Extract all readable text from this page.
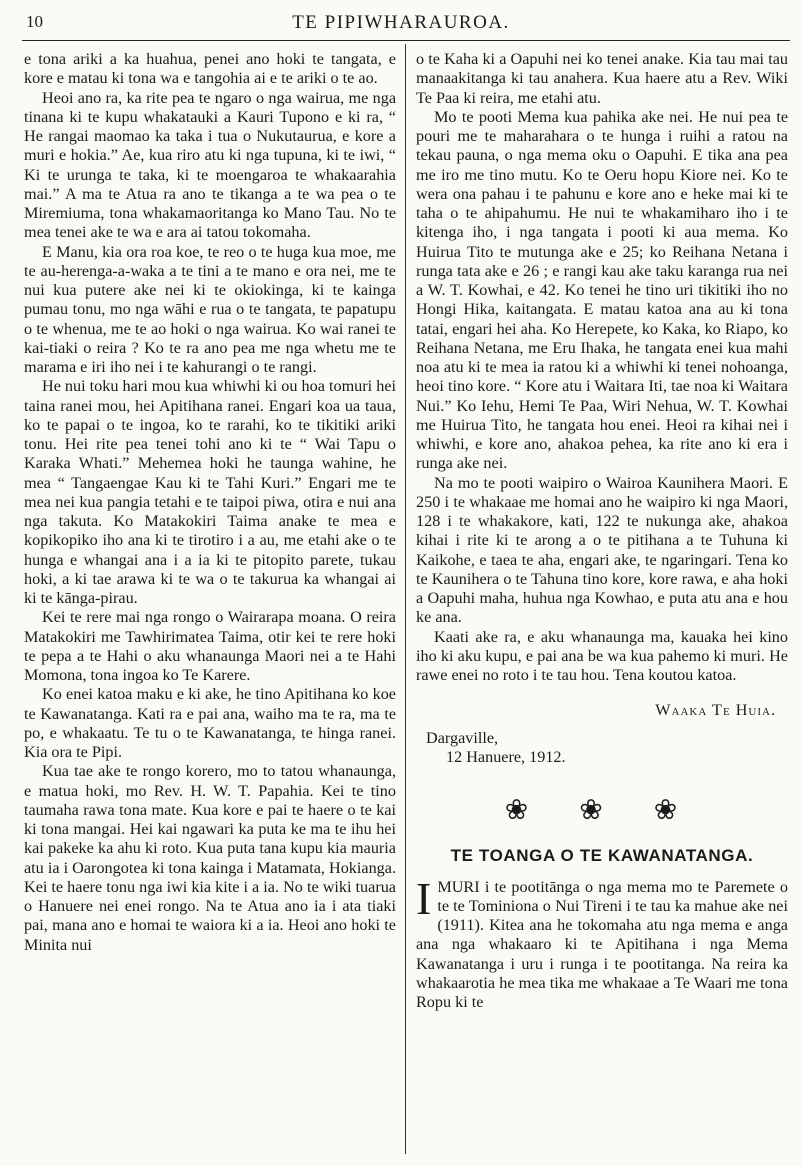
10	TE PIPIWHARAUROA.

e tona ariki a ka huahua, penei ano hoki te tangata, e kore e matau ki tona wa e tangohia ai e te ariki o te ao.

Heoi ano ra, ka rite pea te ngaro o nga wairua, me nga tinana ki te kupu whakatauki a Kauri Tupono e ki ra, “ He rangai maomao ka taka i tua o Nukutaurua, e kore a muri e hokia.” Ae, kua riro atu ki nga tupuna, ki te iwi, “ Ki te urunga te taka, ki te moengaroa te whakaarahia mai.” A ma te Atua ra ano te tikanga a te wa pea o te Miremiuma, tona whakamaoritanga ko Mano Tau. No te mea tenei ake te wa e ara ai tatou tokomaha.

E Manu, kia ora roa koe, te reo o te huga kua moe, me te au-herenga-a-waka a te tini a te mano e ora nei, me te nui kua putere ake nei ki te okiokinga, ki te kainga pumau tonu, mo nga wāhi e rua o te tangata, te papatupu o te whenua, me te ao hoki o nga wairua. Ko wai ranei te kai-tiaki o reira ? Ko te ra ano pea me nga whetu me te marama e iri iho nei i te kahurangi o te rangi.

He nui toku hari mou kua whiwhi ki ou hoa tomuri hei taina ranei mou, hei Apitihana ranei. Engari koa ua taua, ko te papai o te ingoa, ko te rarahi, ko te tikitiki ariki tonu. Hei rite pea tenei tohi ano ki te “ Wai Tapu o Karaka Whati.” Mehemea hoki he taunga wahine, he mea “ Tangaengae Kau ki te Tahi Kuri.” Engari me te mea nei kua pangia tetahi e te taipoi piwa, otira e nui ana nga takuta. Ko Matakokiri Taima anake te mea e kopikopiko iho ana ki te tirotiro i a au, me etahi ake o te hunga e whangai ana i a ia ki te pitopito parete, tukau hoki, a ki tae arawa ki te wa o te takurua ka whangai ai ki te kānga-pirau.

Kei te rere mai nga rongo o Wairarapa moana. O reira Matakokiri me Tawhirimatea Taima, otir kei te rere hoki te pepa a te Hahi o aku whanaunga Maori nei a te Hahi Momona, tona ingoa ko Te Karere.

Ko enei katoa maku e ki ake, he tino Apitihana ko koe te Kawanatanga. Kati ra e pai ana, waiho ma te ra, ma te po, e whakaatu. Te tu o te Kawanatanga, te hinga ranei. Kia ora te Pipi.

Kua tae ake te rongo korero, mo to tatou whanaunga, e matua hoki, mo Rev. H. W. T. Papahia. Kei te tino taumaha rawa tona mate. Kua kore e pai te haere o te kai ki tona mangai. Hei kai ngawari ka puta ke ma te ihu hei kai pakeke ka ahu ki roto. Kua puta tana kupu kia mauria atu ia i Oarongotea ki tona kainga i Matamata, Hokianga. Kei te haere tonu nga iwi kia kite i a ia. No te wiki tuarua o Hanuere nei enei rongo. Na te Atua ano ia i ata tiaki pai, mana ano e homai te waiora ki a ia. Heoi ano hoki te Minita nui

o te Kaha ki a Oapuhi nei ko tenei anake. Kia tau mai tau manaakitanga ki tau anahera. Kua haere atu a Rev. Wiki Te Paa ki reira, me etahi atu.

Mo te pooti Mema kua pahika ake nei. He nui pea te pouri me te maharahara o te hunga i ruihi a ratou na tekau pauna, o nga mema oku o Oapuhi. E tika ana pea me iro me tino mutu. Ko te Oeru hopu Kiore nei. Ko te wera ona pahau i te pahunu e kore ano e heke mai ki te taha o te ahipahumu. He nui te whakamiharo iho i te kitenga iho, i nga tangata i pooti ki aua mema. Ko Huirua Tito te mutunga ake e 25; ko Reihana Netana i runga tata ake e 26 ; e rangi kau ake taku karanga rua nei a W. T. Kowhai, e 42. Ko tenei he tino uri tikitiki iho no Hongi Hika, kaitangata. E matau katoa ana au ki tona tatai, engari hei aha. Ko Herepete, ko Kaka, ko Riapo, ko Reihana Netana, me Eru Ihaka, he tangata enei kua mahi noa atu ki te mea ia ratou ki a whiwhi ki tenei nohoanga, heoi tino kore. “ Kore atu i Waitara Iti, tae noa ki Waitara Nui.” Ko Iehu, Hemi Te Paa, Wiri Nehua, W. T. Kowhai me Huirua Tito, he tangata hou enei. Heoi ra kihai nei i whiwhi, e kore ano, ahakoa pehea, ka rite ano ki era i runga ake nei.

Na mo te pooti waipiro o Wairoa Kaunihera Maori. E 250 i te whakaae me homai ano he waipiro ki nga Maori, 128 i te whakakore, kati, 122 te nukunga ake, ahakoa kihai i rite ki te arong a o te pitihana a te Tuhuna ki Kaikohe, e taea te aha, engari ake, te ngaringari. Tena ko te Kaunihera o te Tahuna tino kore, kore rawa, e aha hoki a Oapuhi maha, huhua nga Kowhao, e puta atu ana e hou ke ana.

Kaati ake ra, e aku whanaunga ma, kauaka hei kino iho ki aku kupu, e pai ana be wa kua pahemo ki muri. He rawe enei no roto i te tau hou. Tena koutou katoa.

Waaka Te Huia.
Dargaville,
12 Hanuere, 1912.
❀ ❀ ❀
TE TOANGA O TE KAWANATANGA.

IMURI i te pootitānga o nga mema mo te Paremete o te te Tominiona o Nui Tireni i te tau ka mahue ake nei (1911). Kitea ana he tokomaha atu nga mema e anga ana nga whakaaro ki te Apitihana i nga Mema Kawanatanga i uru i runga i te pootitanga. Na reira ka whakaarotia he mea tika me whakaae a Te Waari me tona Ropu ki te
